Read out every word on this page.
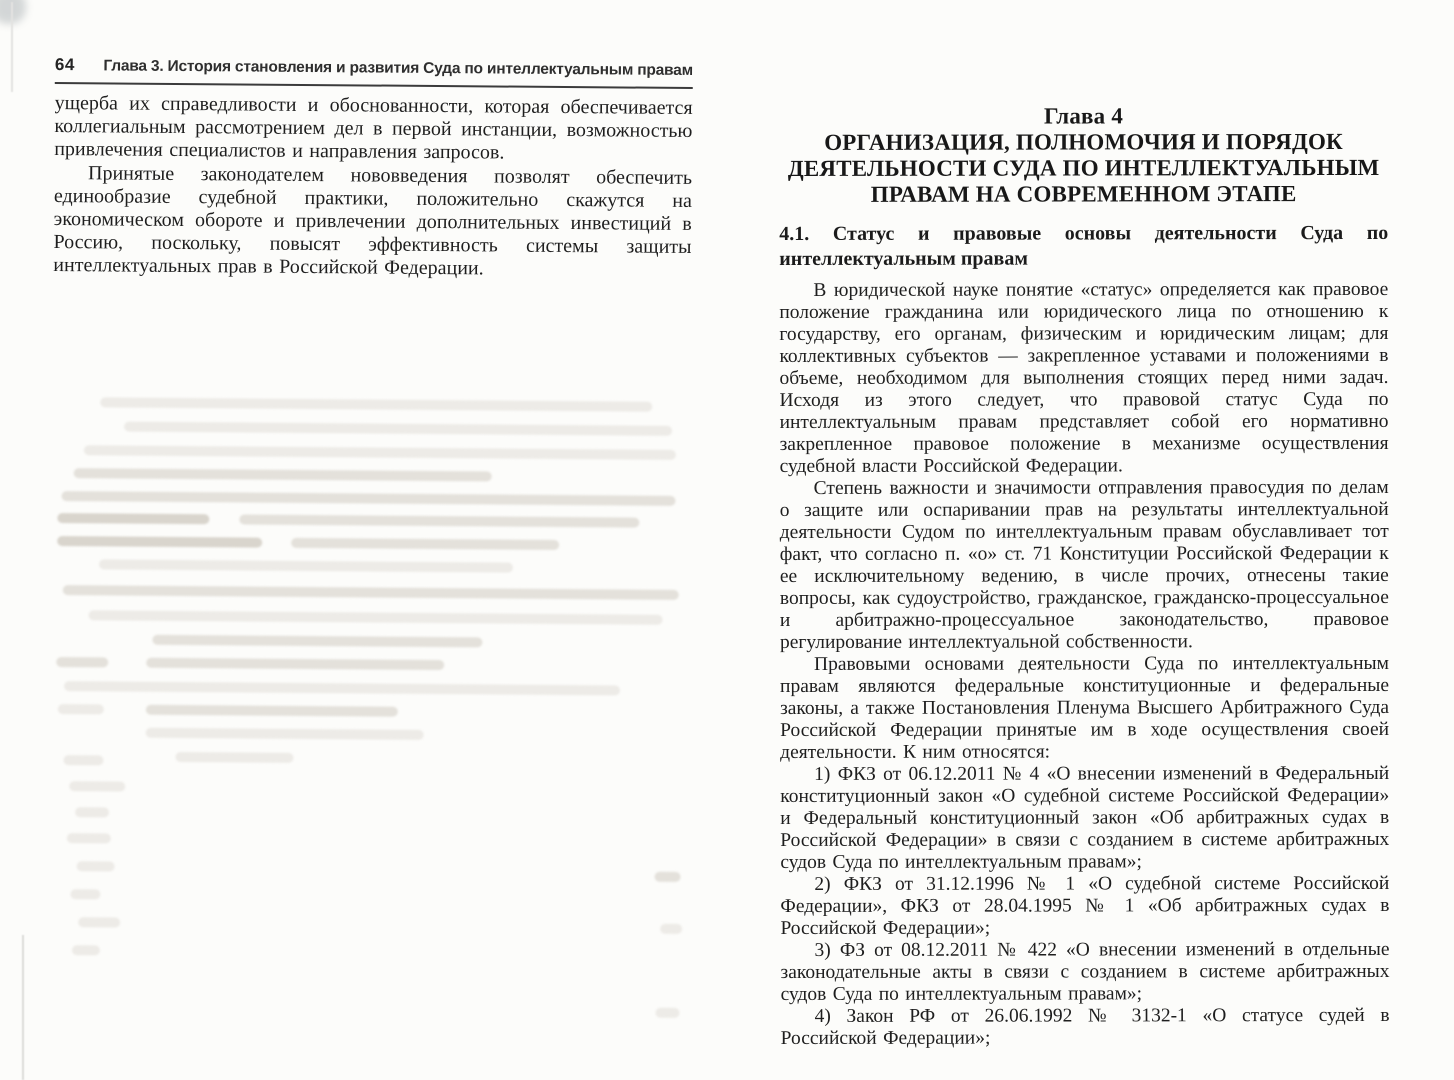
64 Глава 3. История становления и развития Суда по интеллектуальным правам

ущерба их справедливости и обоснованности, которая обеспечивается коллегиальным рассмотрением дел в первой инстанции, возможностью привлечения специалистов и направления запросов.

Принятые законодателем нововведения позволят обеспечить единообразие судебной практики, положительно скажутся на экономическом обороте и привлечении дополнительных инвестиций в Россию, поскольку, повысят эффективность системы защиты интеллектуальных прав в Российской Федерации.

Глава 4
ОРГАНИЗАЦИЯ, ПОЛНОМОЧИЯ И ПОРЯДОК
ДЕЯТЕЛЬНОСТИ СУДА ПО ИНТЕЛЛЕКТУАЛЬНЫМ
ПРАВАМ НА СОВРЕМЕННОМ ЭТАПЕ
4.1. Статус и правовые основы деятельности Суда по интеллектуальным правам

В юридической науке понятие «статус» определяется как правовое положение гражданина или юридического лица по отношению к государству, его органам, физическим и юридическим лицам; для коллективных субъектов — закрепленное уставами и положениями в объеме, необходимом для выполнения стоящих перед ними задач. Исходя из этого следует, что правовой статус Суда по интеллектуальным правам представляет собой его нормативно закрепленное правовое положение в механизме осуществления судебной власти Российской Федерации.

Степень важности и значимости отправления правосудия по делам о защите или оспаривании прав на результаты интеллектуальной деятельности Судом по интеллектуальным правам обуславливает тот факт, что согласно п. «о» ст. 71 Конституции Российской Федерации к ее исключительному ведению, в числе прочих, отнесены такие вопросы, как судоустройство, гражданское, гражданско-процессуальное и арбитражно-процессуальное законодательство, правовое регулирование интеллектуальной собственности.

Правовыми основами деятельности Суда по интеллектуальным правам являются федеральные конституционные и федеральные законы, а также Постановления Пленума Высшего Арбитражного Суда Российской Федерации принятые им в ходе осуществления своей деятельности. К ним относятся:

1) ФКЗ от 06.12.2011 № 4 «О внесении изменений в Федеральный конституционный закон «О судебной системе Российской Федерации» и Федеральный конституционный закон «Об арбитражных судах в Российской Федерации» в связи с созданием в системе арбитражных судов Суда по интеллектуальным правам»;

2) ФКЗ от 31.12.1996 № 1 «О судебной системе Российской Федерации», ФКЗ от 28.04.1995 № 1 «Об арбитражных судах в Российской Федерации»;

3) ФЗ от 08.12.2011 № 422 «О внесении изменений в отдельные законодательные акты в связи с созданием в системе арбитражных судов Суда по интеллектуальным правам»;

4) Закон РФ от 26.06.1992 № 3132-1 «О статусе судей в Российской Федерации»;
